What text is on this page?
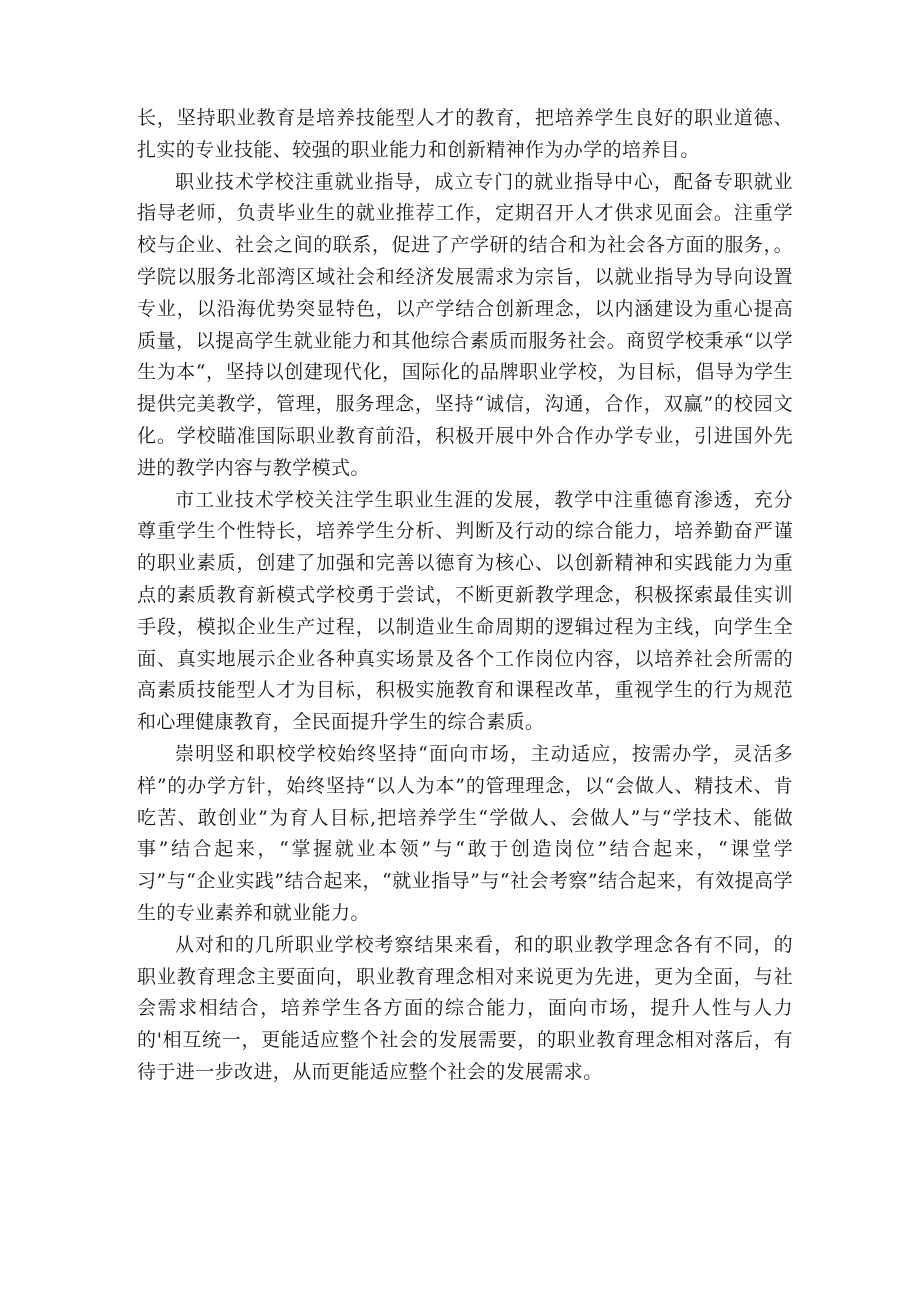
长，坚持职业教育是培养技能型人才的教育，把培养学生良好的职业道德、扎实的专业技能、较强的职业能力和创新精神作为办学的培养目。

职业技术学校注重就业指导，成立专门的就业指导中心，配备专职就业指导老师，负责毕业生的就业推荐工作，定期召开人才供求见面会。注重学校与企业、社会之间的联系，促进了产学研的结合和为社会各方面的服务，。学院以服务北部湾区域社会和经济发展需求为宗旨，以就业指导为导向设置专业，以沿海优势突显特色，以产学结合创新理念，以内涵建设为重心提高质量，以提高学生就业能力和其他综合素质而服务社会。商贸学校秉承“以学生为本“，坚持以创建现代化，国际化的品牌职业学校，为目标，倡导为学生提供完美教学，管理，服务理念，坚持“诚信，沟通，合作，双赢”的校园文化。学校瞄准国际职业教育前沿，积极开展中外合作办学专业，引进国外先进的教学内容与教学模式。

市工业技术学校关注学生职业生涯的发展，教学中注重德育渗透，充分尊重学生个性特长，培养学生分析、判断及行动的综合能力，培养勤奋严谨的职业素质，创建了加强和完善以德育为核心、以创新精神和实践能力为重点的素质教育新模式学校勇于尝试，不断更新教学理念，积极探索最佳实训手段，模拟企业生产过程，以制造业生命周期的逻辑过程为主线，向学生全面、真实地展示企业各种真实场景及各个工作岗位内容，以培养社会所需的高素质技能型人才为目标，积极实施教育和课程改革，重视学生的行为规范和心理健康教育，全民面提升学生的综合素质。

崇明竖和职校学校始终坚持“面向市场，主动适应，按需办学，灵活多样”的办学方针，始终坚持“以人为本”的管理理念，以“会做人、精技术、肯吃苦、敢创业”为育人目标,把培养学生“学做人、会做人”与“学技术、能做事”结合起来，“掌握就业本领”与“敢于创造岗位”结合起来，“课堂学习”与“企业实践”结合起来，“就业指导”与“社会考察”结合起来，有效提高学生的专业素养和就业能力。

从对和的几所职业学校考察结果来看，和的职业教学理念各有不同，的职业教育理念主要面向，职业教育理念相对来说更为先进，更为全面，与社会需求相结合，培养学生各方面的综合能力，面向市场，提升人性与人力的'相互统一，更能适应整个社会的发展需要，的职业教育理念相对落后，有待于进一步改进，从而更能适应整个社会的发展需求。
